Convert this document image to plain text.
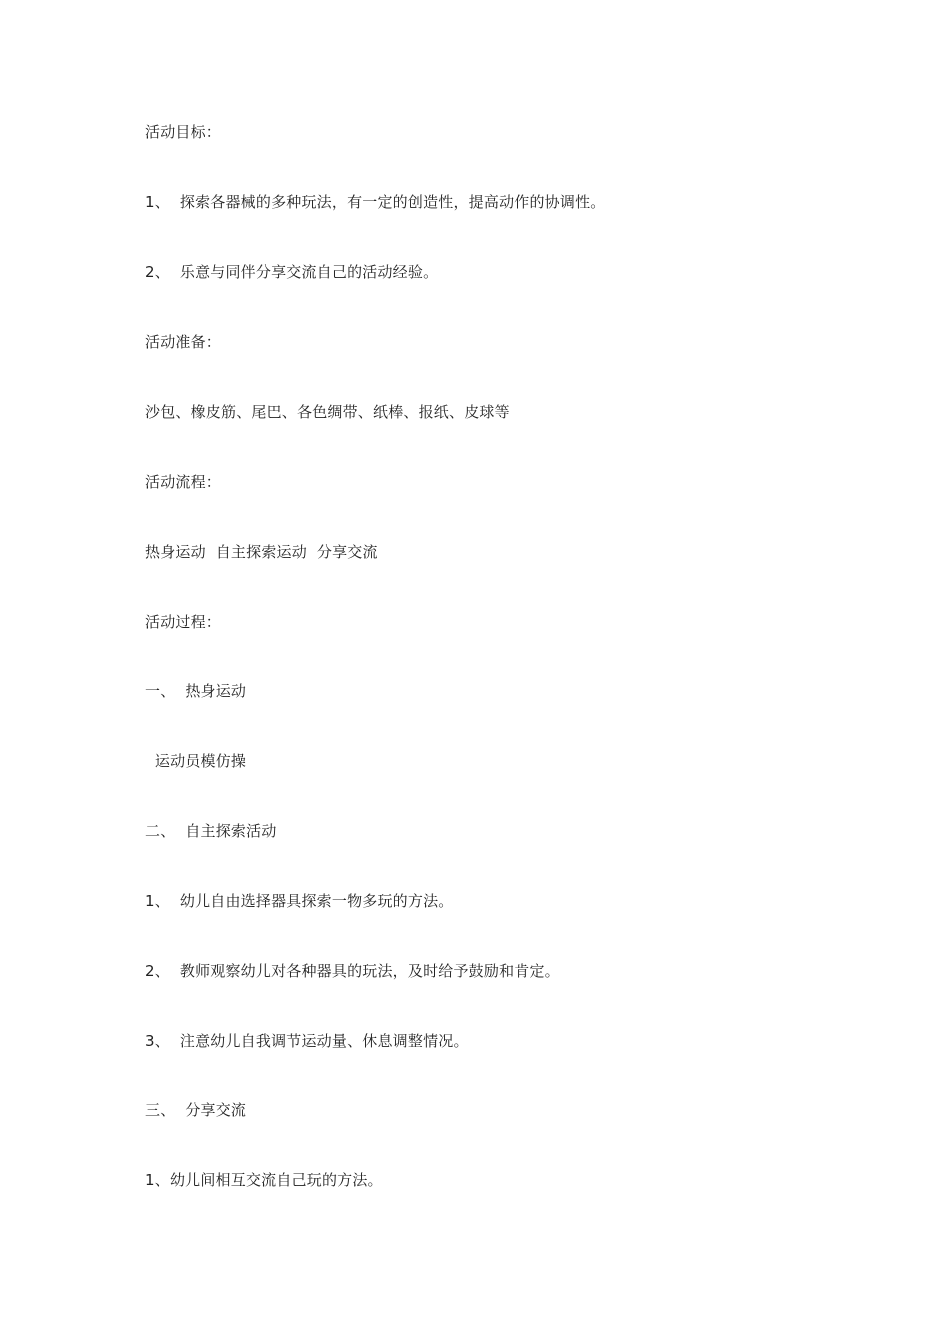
活动目标：
1、  探索各器械的多种玩法，有一定的创造性，提高动作的协调性。
2、  乐意与同伴分享交流自己的活动经验。
活动准备：
沙包、橡皮筋、尾巴、各色绸带、纸棒、报纸、皮球等
活动流程：
热身运动  自主探索运动  分享交流
活动过程：
一、  热身运动
运动员模仿操
二、  自主探索活动
1、  幼儿自由选择器具探索一物多玩的方法。
2、  教师观察幼儿对各种器具的玩法，及时给予鼓励和肯定。
3、  注意幼儿自我调节运动量、休息调整情况。
三、  分享交流
1、幼儿间相互交流自己玩的方法。
